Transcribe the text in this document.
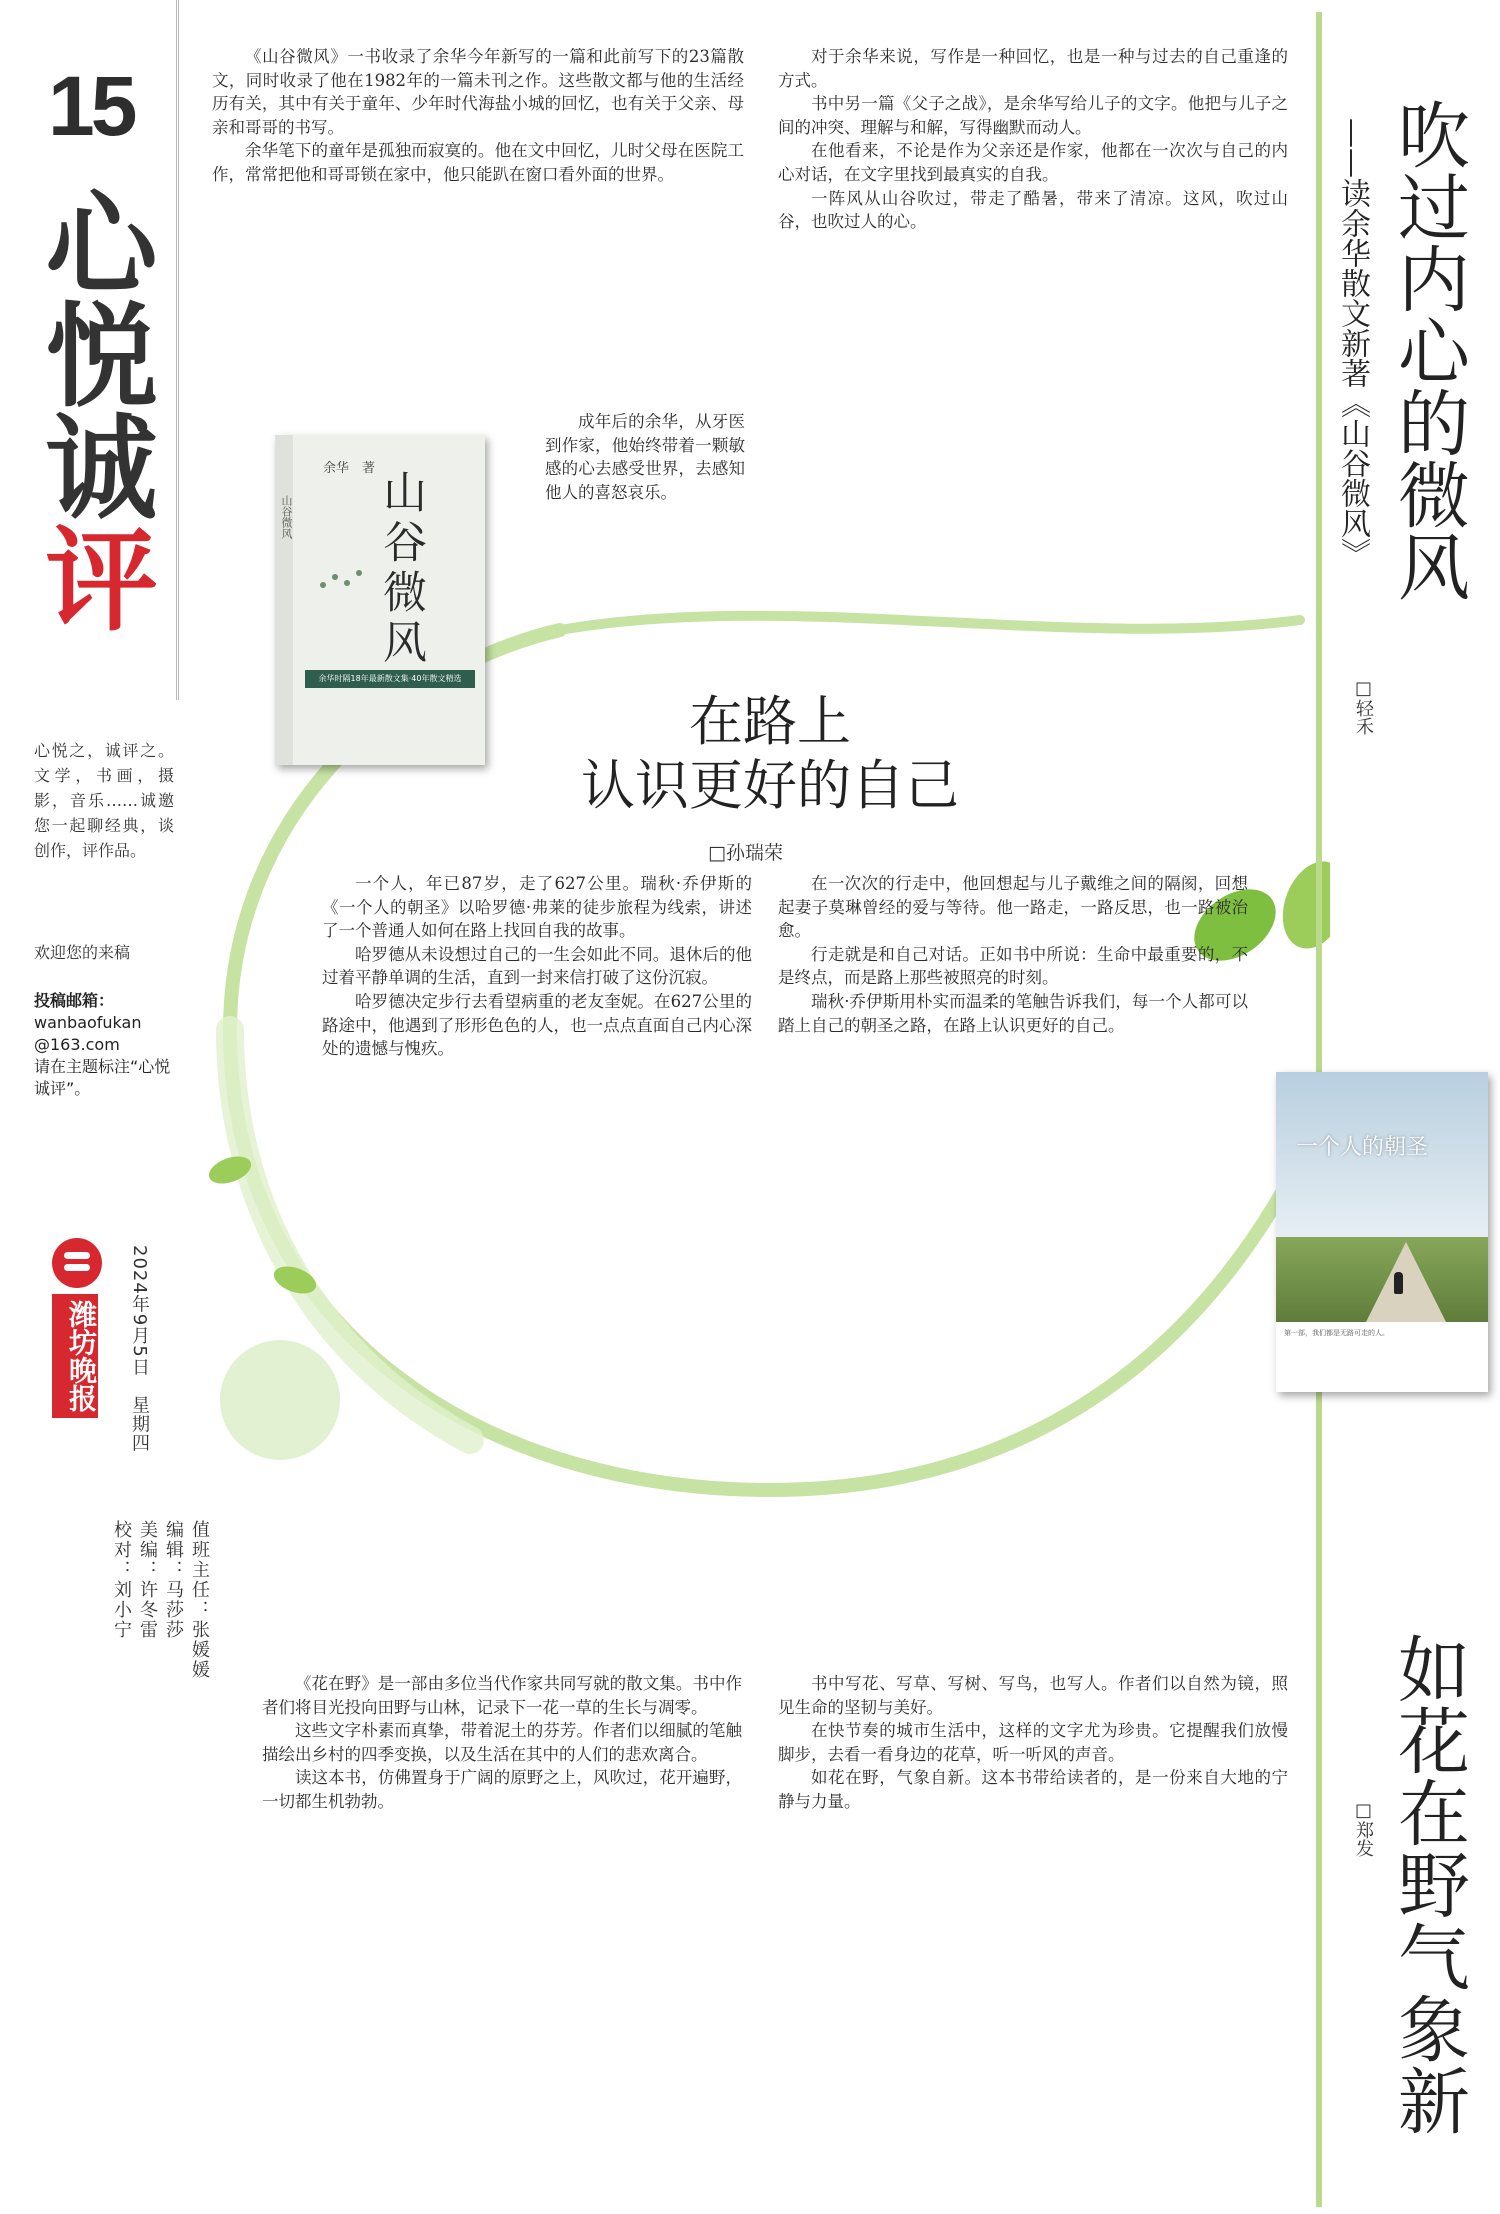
15
心悦诚评
心悦之，诚评之。文学，书画，摄影，音乐……诚邀您一起聊经典，谈创作，评作品。
欢迎您的来稿
投稿邮箱：
wanbaofukan
@163.com
请在主题标注“心悦诚评”。
潍坊晚报 2024年9月5日　星期四
值班主任：张媛媛
编辑：马莎莎
美编：许冬雷
校对：刘小宁
吹过内心的微风
——读余华散文新著《山谷微风》
□轻禾

《山谷微风》一书收录了余华今年新写的一篇和此前写下的23篇散文，同时收录了他在1982年的一篇未刊之作。这些散文都与他的生活经历有关，其中有关于童年、少年时代海盐小城的回忆，也有关于父亲、母亲和哥哥的书写。

余华笔下的童年是孤独而寂寞的。他在文中回忆，儿时父母在医院工作，常常把他和哥哥锁在家中，他只能趴在窗口看外面的世界。

成年后的余华，从牙医到作家，他始终带着一颗敏感的心去感受世界，去感知他人的喜怒哀乐。

对于余华来说，写作是一种回忆，也是一种与过去的自己重逢的方式。

书中另一篇《父子之战》，是余华写给儿子的文字。他把与儿子之间的冲突、理解与和解，写得幽默而动人。

在他看来，不论是作为父亲还是作家，他都在一次次与自己的内心对话，在文字里找到最真实的自我。

一阵风从山谷吹过，带走了酷暑，带来了清凉。这风，吹过山谷，也吹过人的心。

山谷微风
余华　著
山谷微风
余华时隔18年最新散文集·40年散文精选
在路上
认识更好的自己
□孙瑞荣

一个人，年已87岁，走了627公里。瑞秋·乔伊斯的《一个人的朝圣》以哈罗德·弗莱的徒步旅程为线索，讲述了一个普通人如何在路上找回自我的故事。

哈罗德从未设想过自己的一生会如此不同。退休后的他过着平静单调的生活，直到一封来信打破了这份沉寂。

哈罗德决定步行去看望病重的老友奎妮。在627公里的路途中，他遇到了形形色色的人，也一点点直面自己内心深处的遗憾与愧疚。

在一次次的行走中，他回想起与儿子戴维之间的隔阂，回想起妻子莫琳曾经的爱与等待。他一路走，一路反思，也一路被治愈。

行走就是和自己对话。正如书中所说：生命中最重要的，不是终点，而是路上那些被照亮的时刻。

瑞秋·乔伊斯用朴实而温柔的笔触告诉我们，每一个人都可以踏上自己的朝圣之路，在路上认识更好的自己。

一个人的朝圣
第一部，我们都是无路可走的人。
如花在野气象新
□郑发

《花在野》是一部由多位当代作家共同写就的散文集。书中作者们将目光投向田野与山林，记录下一花一草的生长与凋零。

这些文字朴素而真挚，带着泥土的芬芳。作者们以细腻的笔触描绘出乡村的四季变换，以及生活在其中的人们的悲欢离合。

读这本书，仿佛置身于广阔的原野之上，风吹过，花开遍野，一切都生机勃勃。

书中写花、写草、写树、写鸟，也写人。作者们以自然为镜，照见生命的坚韧与美好。

在快节奏的城市生活中，这样的文字尤为珍贵。它提醒我们放慢脚步，去看一看身边的花草，听一听风的声音。

如花在野，气象自新。这本书带给读者的，是一份来自大地的宁静与力量。
